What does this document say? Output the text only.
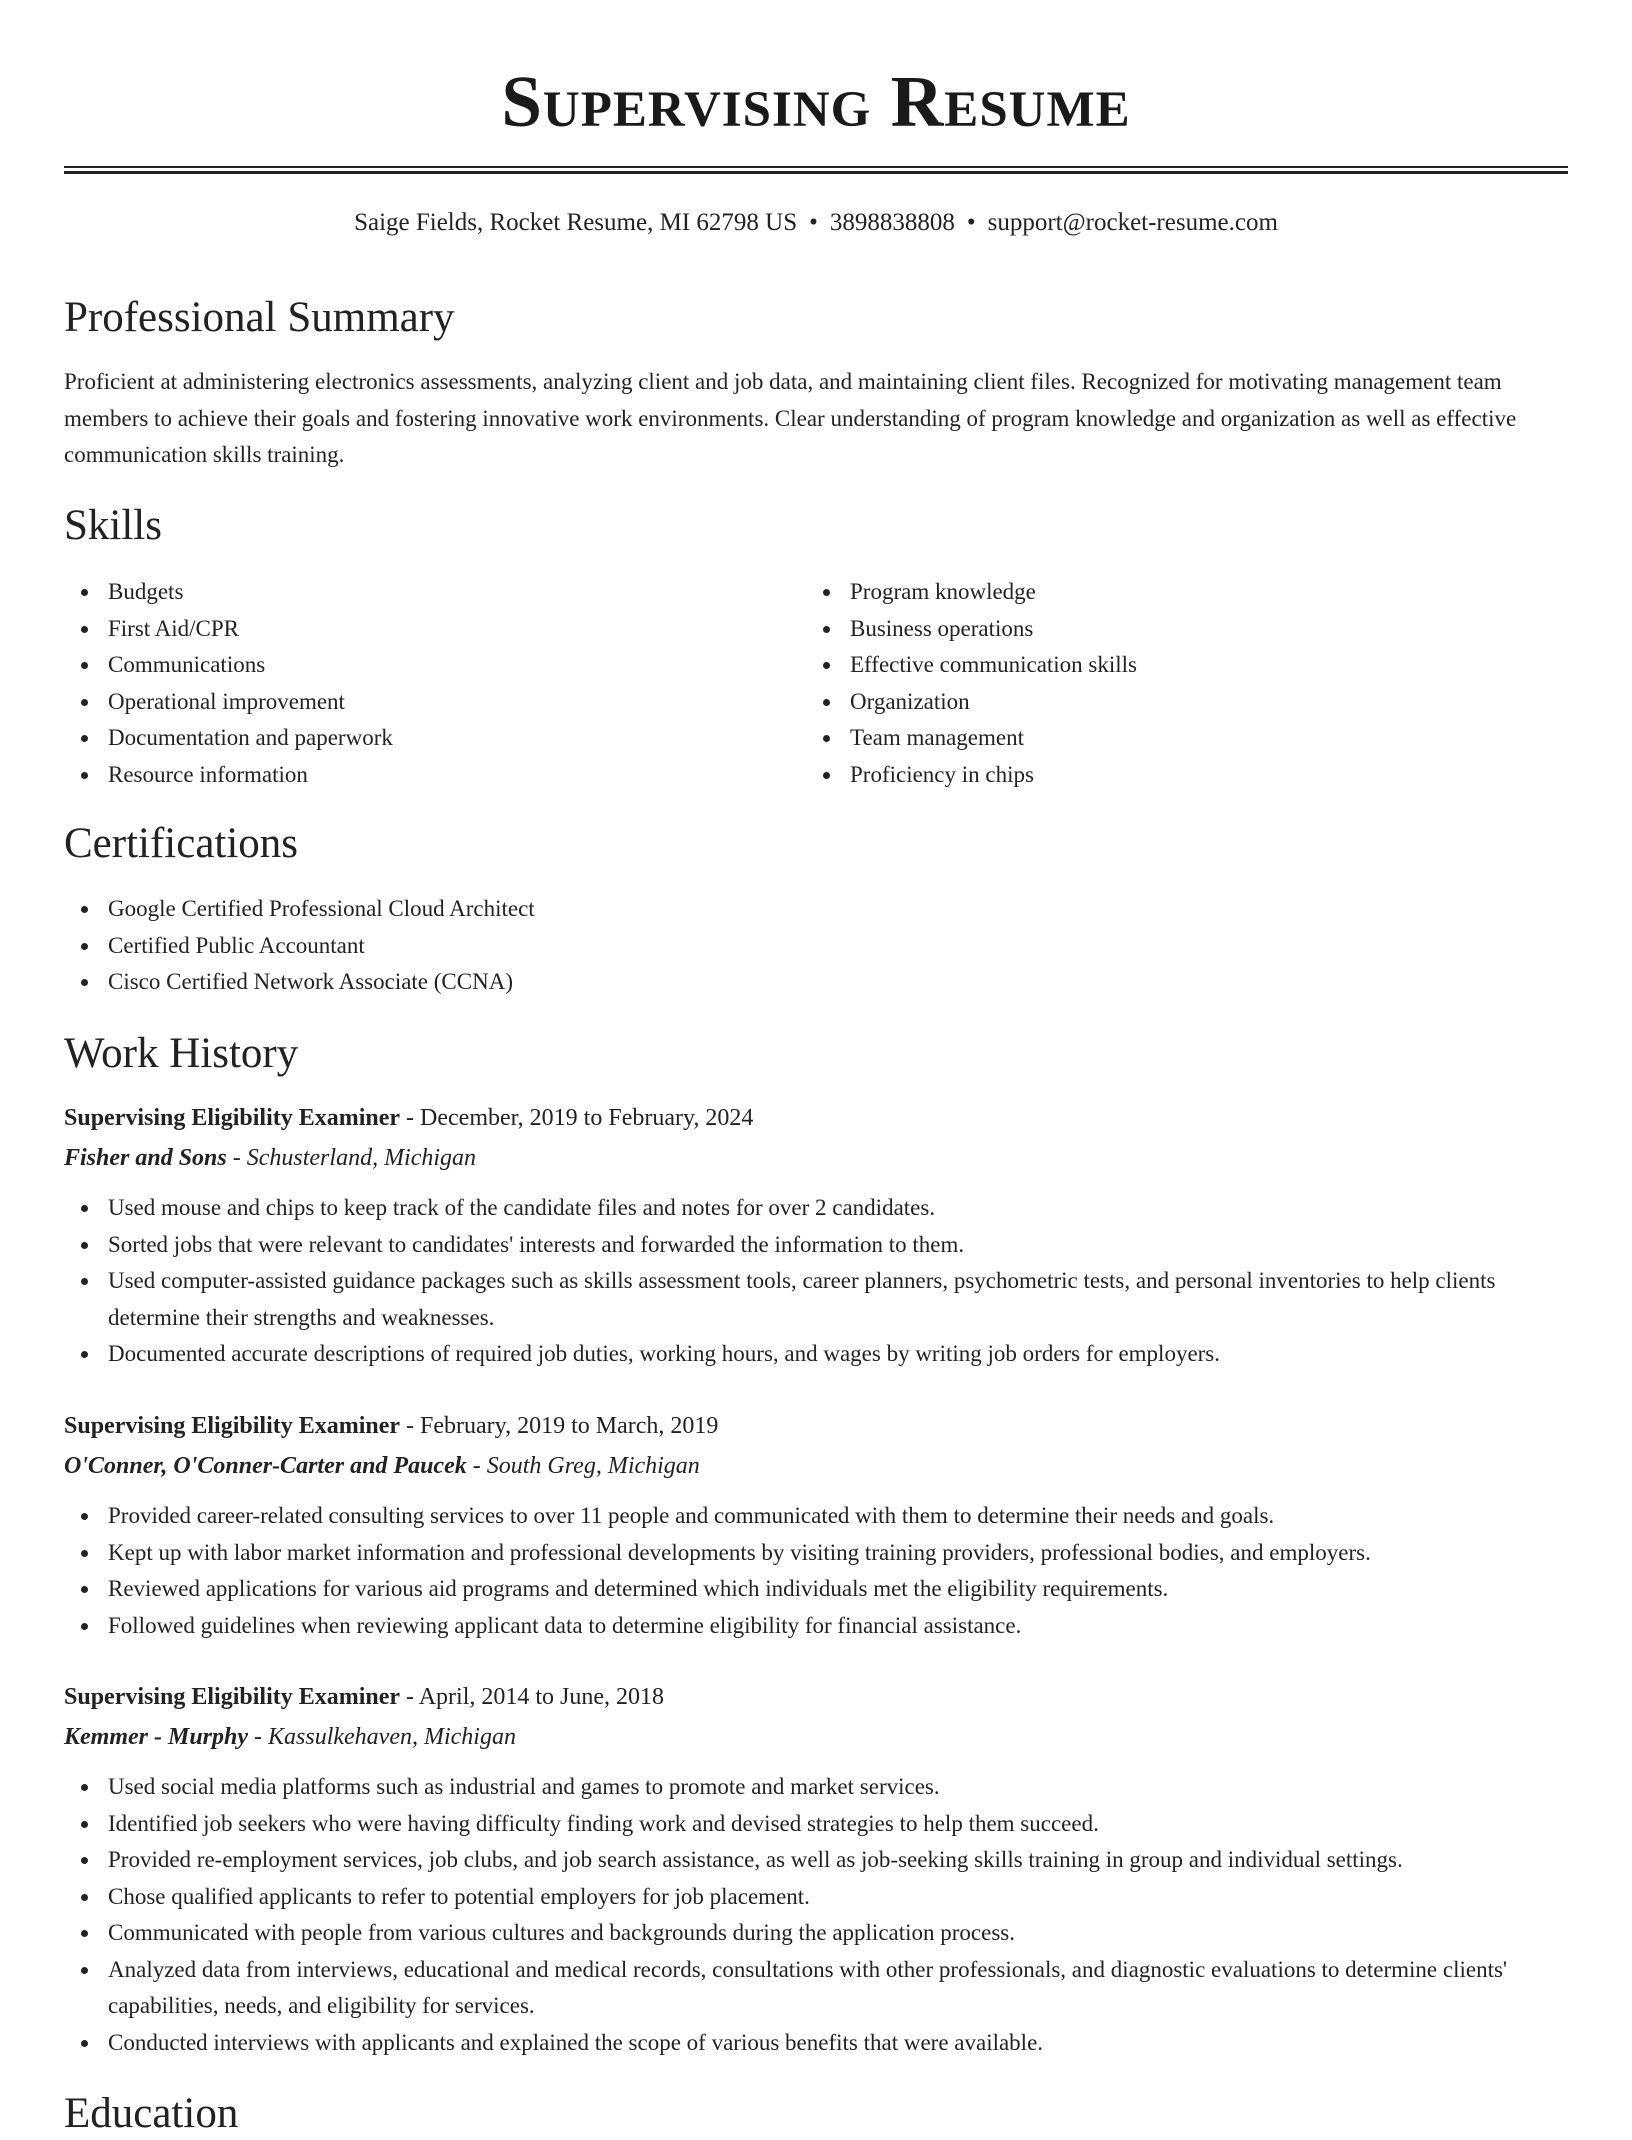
Supervising Resume
Saige Fields, Rocket Resume, MI 62798 US • 3898838808 • support@rocket-resume.com
Professional Summary

Proficient at administering electronics assessments, analyzing client and job data, and maintaining client files. Recognized for motivating management team members to achieve their goals and fostering innovative work environments. Clear understanding of program knowledge and organization as well as effective communication skills training.

Skills
Budgets
First Aid/CPR
Communications
Operational improvement
Documentation and paperwork
Resource information
Program knowledge
Business operations
Effective communication skills
Organization
Team management
Proficiency in chips
Certifications
Google Certified Professional Cloud Architect
Certified Public Accountant
Cisco Certified Network Associate (CCNA)
Work History

Supervising Eligibility Examiner - December, 2019 to February, 2024

Fisher and Sons - Schusterland, Michigan

Used mouse and chips to keep track of the candidate files and notes for over 2 candidates.
Sorted jobs that were relevant to candidates' interests and forwarded the information to them.
Used computer-assisted guidance packages such as skills assessment tools, career planners, psychometric tests, and personal inventories to help clients determine their strengths and weaknesses.
Documented accurate descriptions of required job duties, working hours, and wages by writing job orders for employers.

Supervising Eligibility Examiner - February, 2019 to March, 2019

O'Conner, O'Conner-Carter and Paucek - South Greg, Michigan

Provided career-related consulting services to over 11 people and communicated with them to determine their needs and goals.
Kept up with labor market information and professional developments by visiting training providers, professional bodies, and employers.
Reviewed applications for various aid programs and determined which individuals met the eligibility requirements.
Followed guidelines when reviewing applicant data to determine eligibility for financial assistance.

Supervising Eligibility Examiner - April, 2014 to June, 2018

Kemmer - Murphy - Kassulkehaven, Michigan

Used social media platforms such as industrial and games to promote and market services.
Identified job seekers who were having difficulty finding work and devised strategies to help them succeed.
Provided re-employment services, job clubs, and job search assistance, as well as job-seeking skills training in group and individual settings.
Chose qualified applicants to refer to potential employers for job placement.
Communicated with people from various cultures and backgrounds during the application process.
Analyzed data from interviews, educational and medical records, consultations with other professionals, and diagnostic evaluations to determine clients' capabilities, needs, and eligibility for services.
Conducted interviews with applicants and explained the scope of various benefits that were available.
Education
